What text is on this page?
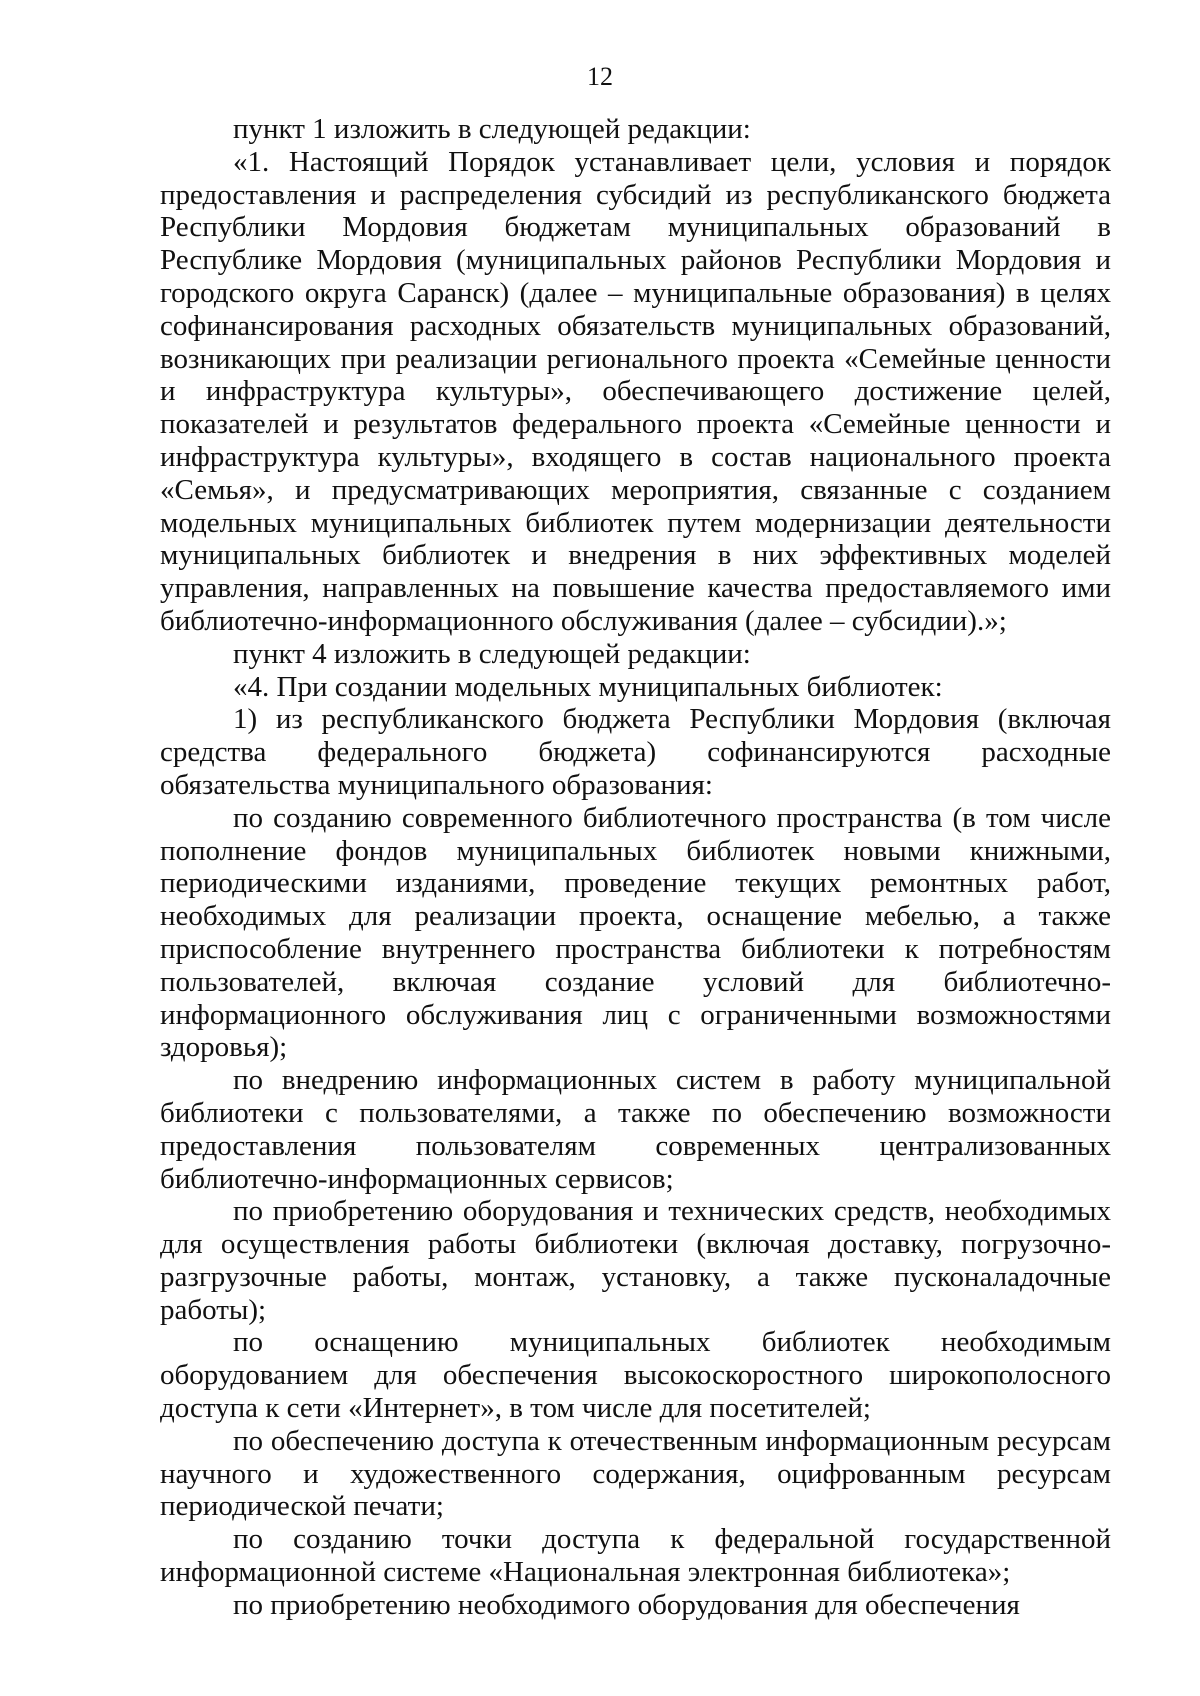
12

пункт 1 изложить в следующей редакции:

«1. Настоящий Порядок устанавливает цели, условия и порядок предоставления и распределения субсидий из республиканского бюджета Республики Мордовия бюджетам муниципальных образований в Республике Мордовия (муниципальных районов Республики Мордовия и городского округа Саранск) (далее – муниципальные образования) в целях софинансирования расходных обязательств муниципальных образований, возникающих при реализации регионального проекта «Семейные ценности и инфраструктура культуры», обеспечивающего достижение целей, показателей и результатов федерального проекта «Семейные ценности и инфраструктура культуры», входящего в состав национального проекта «Семья», и предусматривающих мероприятия, связанные с созданием модельных муниципальных библиотек путем модернизации деятельности муниципальных библиотек и внедрения в них эффективных моделей управления, направленных на повышение качества предоставляемого ими библиотечно-информационного обслуживания (далее – субсидии).»;

пункт 4 изложить в следующей редакции:

«4. При создании модельных муниципальных библиотек:

1) из республиканского бюджета Республики Мордовия (включая средства федерального бюджета) софинансируются расходные обязательства муниципального образования:

по созданию современного библиотечного пространства (в том числе пополнение фондов муниципальных библиотек новыми книжными, периодическими изданиями, проведение текущих ремонтных работ, необходимых для реализации проекта, оснащение мебелью, а также приспособление внутреннего пространства библиотеки к потребностям пользователей, включая создание условий для библиотечно-информационного обслуживания лиц с ограниченными возможностями здоровья);

по внедрению информационных систем в работу муниципальной библиотеки с пользователями, а также по обеспечению возможности предоставления пользователям современных централизованных библиотечно-информационных сервисов;

по приобретению оборудования и технических средств, необходимых для осуществления работы библиотеки (включая доставку, погрузочно-разгрузочные работы, монтаж, установку, а также пусконаладочные работы);

по оснащению муниципальных библиотек необходимым оборудованием для обеспечения высокоскоростного широкополосного доступа к сети «Интернет», в том числе для посетителей;

по обеспечению доступа к отечественным информационным ресурсам научного и художественного содержания, оцифрованным ресурсам периодической печати;

по созданию точки доступа к федеральной государственной информационной системе «Национальная электронная библиотека»;

по приобретению необходимого оборудования для обеспечения
